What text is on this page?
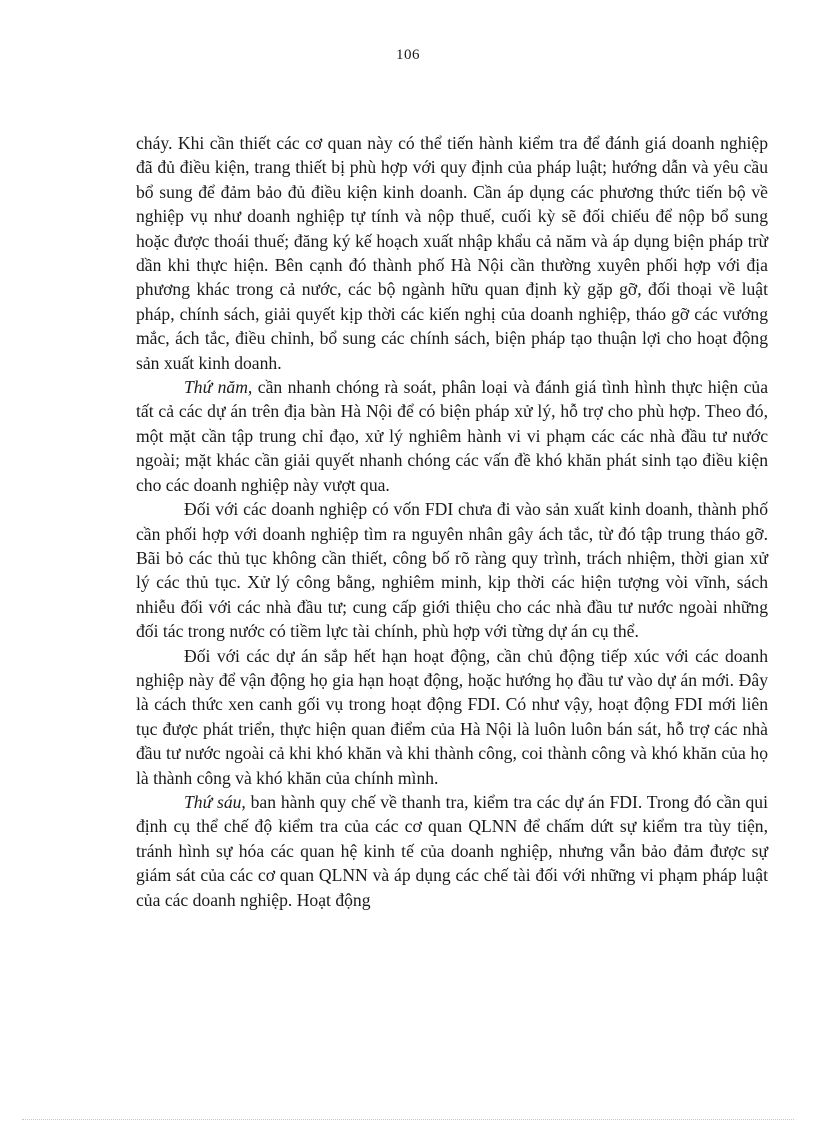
106

cháy. Khi cần thiết các cơ quan này có thể tiến hành kiểm tra để đánh giá doanh nghiệp đã đủ điều kiện, trang thiết bị phù hợp với quy định của pháp luật; hướng dẫn và yêu cầu bổ sung để đảm bảo đủ điều kiện kinh doanh. Cần áp dụng các phương thức tiến bộ về nghiệp vụ như doanh nghiệp tự tính và nộp thuế, cuối kỳ sẽ đối chiếu để nộp bổ sung hoặc được thoái thuế; đăng ký kế hoạch xuất nhập khẩu cả năm và áp dụng biện pháp trừ dần khi thực hiện. Bên cạnh đó thành phố Hà Nội cần thường xuyên phối hợp với địa phương khác trong cả nước, các bộ ngành hữu quan định kỳ gặp gỡ, đối thoại về luật pháp, chính sách, giải quyết kịp thời các kiến nghị của doanh nghiệp, tháo gỡ các vướng mắc, ách tắc, điều chỉnh, bổ sung các chính sách, biện pháp tạo thuận lợi cho hoạt động sản xuất kinh doanh.

Thứ năm, cần nhanh chóng rà soát, phân loại và đánh giá tình hình thực hiện của tất cả các dự án trên địa bàn Hà Nội để có biện pháp xử lý, hỗ trợ cho phù hợp. Theo đó, một mặt cần tập trung chỉ đạo, xử lý nghiêm hành vi vi phạm các các nhà đầu tư nước ngoài; mặt khác cần giải quyết nhanh chóng các vấn đề khó khăn phát sinh tạo điều kiện cho các doanh nghiệp này vượt qua.

Đối với các doanh nghiệp có vốn FDI chưa đi vào sản xuất kinh doanh, thành phố cần phối hợp với doanh nghiệp tìm ra nguyên nhân gây ách tắc, từ đó tập trung tháo gỡ. Bãi bỏ các thủ tục không cần thiết, công bố rõ ràng quy trình, trách nhiệm, thời gian xử lý các thủ tục. Xử lý công bằng, nghiêm minh, kịp thời các hiện tượng vòi vĩnh, sách nhiễu đối với các nhà đầu tư; cung cấp giới thiệu cho các nhà đầu tư nước ngoài những đối tác trong nước có tiềm lực tài chính, phù hợp với từng dự án cụ thể.

Đối với các dự án sắp hết hạn hoạt động, cần chủ động tiếp xúc với các doanh nghiệp này để vận động họ gia hạn hoạt động, hoặc hướng họ đầu tư vào dự án mới. Đây là cách thức xen canh gối vụ trong hoạt động FDI. Có như vậy, hoạt động FDI mới liên tục được phát triển, thực hiện quan điểm của Hà Nội là luôn luôn bán sát, hỗ trợ các nhà đầu tư nước ngoài cả khi khó khăn và khi thành công, coi thành công và khó khăn của họ là thành công và khó khăn của chính mình.

Thứ sáu, ban hành quy chế về thanh tra, kiểm tra các dự án FDI. Trong đó cần qui định cụ thể chế độ kiểm tra của các cơ quan QLNN để chấm dứt sự kiểm tra tùy tiện, tránh hình sự hóa các quan hệ kinh tế của doanh nghiệp, nhưng vẫn bảo đảm được sự giám sát của các cơ quan QLNN và áp dụng các chế tài đối với những vi phạm pháp luật của các doanh nghiệp. Hoạt động
